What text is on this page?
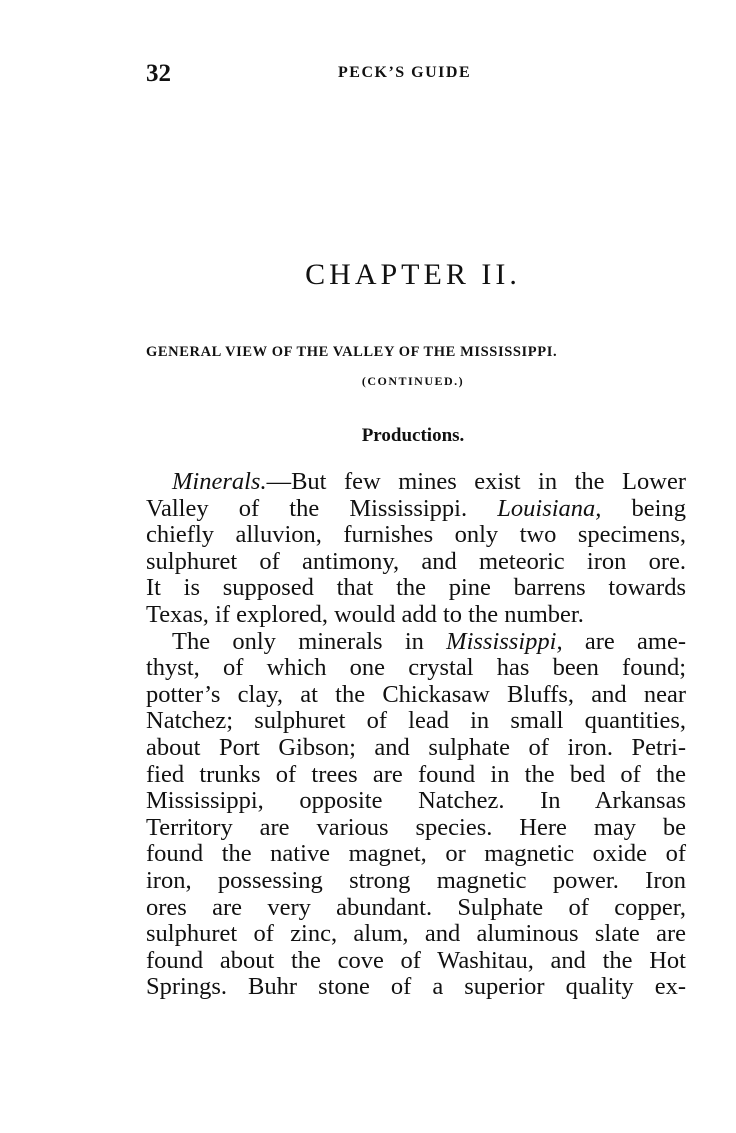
32	PECK’S GUIDE
CHAPTER II.
GENERAL VIEW OF THE VALLEY OF THE MISSISSIPPI.
(CONTINUED.)
Productions.
Minerals.—But few mines exist in the Lower
Valley of the Mississippi. Louisiana, being
chiefly alluvion, furnishes only two specimens,
sulphuret of antimony, and meteoric iron ore.
It is supposed that the pine barrens towards
Texas, if explored, would add to the number.
The only minerals in Mississippi, are ame-
thyst, of which one crystal has been found;
potter’s clay, at the Chickasaw Bluffs, and near
Natchez; sulphuret of lead in small quantities,
about Port Gibson; and sulphate of iron. Petri-
fied trunks of trees are found in the bed of the
Mississippi, opposite Natchez. In Arkansas
Territory are various species. Here may be
found the native magnet, or magnetic oxide of
iron, possessing strong magnetic power. Iron
ores are very abundant. Sulphate of copper,
sulphuret of zinc, alum, and aluminous slate are
found about the cove of Washitau, and the Hot
Springs. Buhr stone of a superior quality ex-
